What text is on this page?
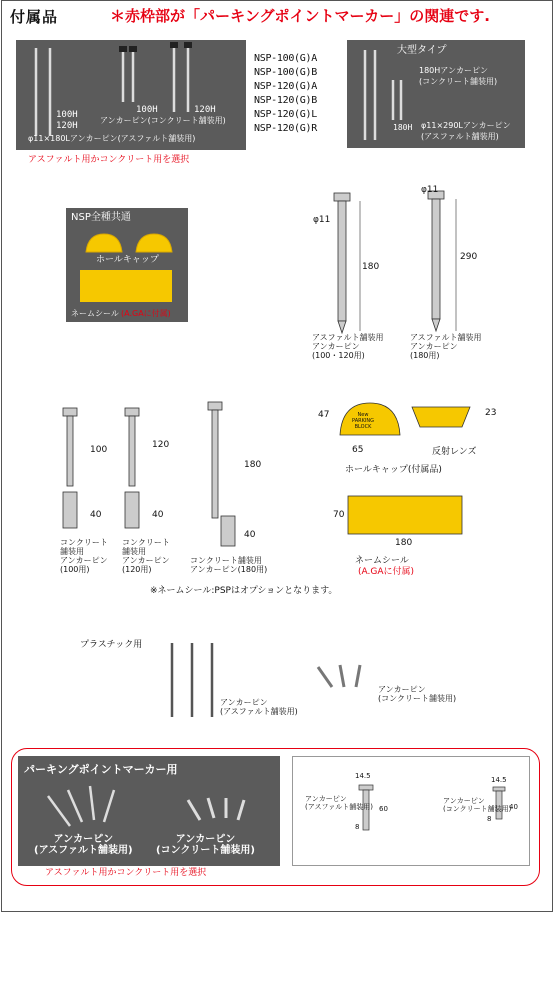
付属品	＊赤枠部が「パーキングポイントマーカー」の関連です.
100H
120H
100H	120H
アンカーピン(コンクリート舗装用)
φ11×180Lアンカーピン(アスファルト舗装用)
アスファルト用かコンクリート用を選択
NSP-100(G)A
NSP-100(G)B
NSP-120(G)A
NSP-120(G)B
NSP-120(G)L
NSP-120(G)R
大型タイプ
180Hアンカーピン
(コンクリート舗装用)
180H φ11×290Lアンカーピン
(アスファルト舗装用)
NSP全種共通
ホールキャップ
ネームシール (A.GAに付属)
φ11
180
アスファルト舗装用
アンカーピン
(100・120用)
φ11
290
アスファルト舗装用
アンカーピン
(180用)
100	120
180
40	40
40
コンクリート
舗装用
アンカーピン
(100用)
コンクリート
舗装用
アンカーピン
(120用)
コンクリート舗装用
アンカーピン(180用)
New
PARKING
BLOCK
47
65
23
反射レンズ
ホールキャップ(付属品)
70
180
ネームシール
(A.GAに付属)
※ネームシール:PSPはオプションとなります。
プラスチック用
アンカーピン
(アスファルト舗装用)
アンカーピン
(コンクリート舗装用)
パーキングポイントマーカー用
アンカーピン
(アスファルト舗装用)
アンカーピン
(コンクリート舗装用)
アスファルト用かコンクリート用を選択
アンカーピン
(アスファルト舗装用)
14.5
60
8
アンカーピン
(コンクリート舗装用)
14.5
40
8
